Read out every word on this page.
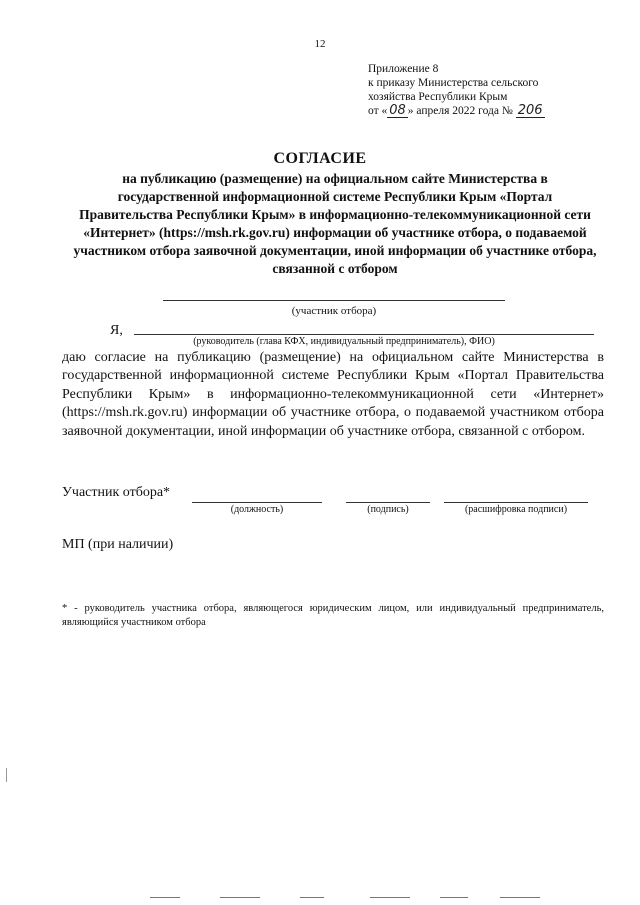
12
Приложение 8
к приказу Министерства сельского
хозяйства Республики Крым
от « 08 » апреля 2022 года № 206
СОГЛАСИЕ
на публикацию (размещение) на официальном сайте Министерства в государственной информационной системе Республики Крым «Портал Правительства Республики Крым» в информационно-телекоммуникационной сети «Интернет» (https://msh.rk.gov.ru) информации об участнике отбора, о подаваемой участником отбора заявочной документации, иной информации об участнике отбора, связанной с отбором
(участник отбора)
Я,
(руководитель (глава КФХ, индивидуальный предприниматель), ФИО)
даю согласие на публикацию (размещение) на официальном сайте Министерства в государственной информационной системе Республики Крым «Портал Правительства Республики Крым» в информационно-телекоммуникационной сети «Интернет» (https://msh.rk.gov.ru) информации об участнике отбора, о подаваемой участником отбора заявочной документации, иной информации об участнике отбора, связанной с отбором.
Участник отбора*
(должность)	(подпись)	(расшифровка подписи)
МП (при наличии)
* - руководитель участника отбора, являющегося юридическим лицом, или индивидуальный предприниматель, являющийся участником отбора
